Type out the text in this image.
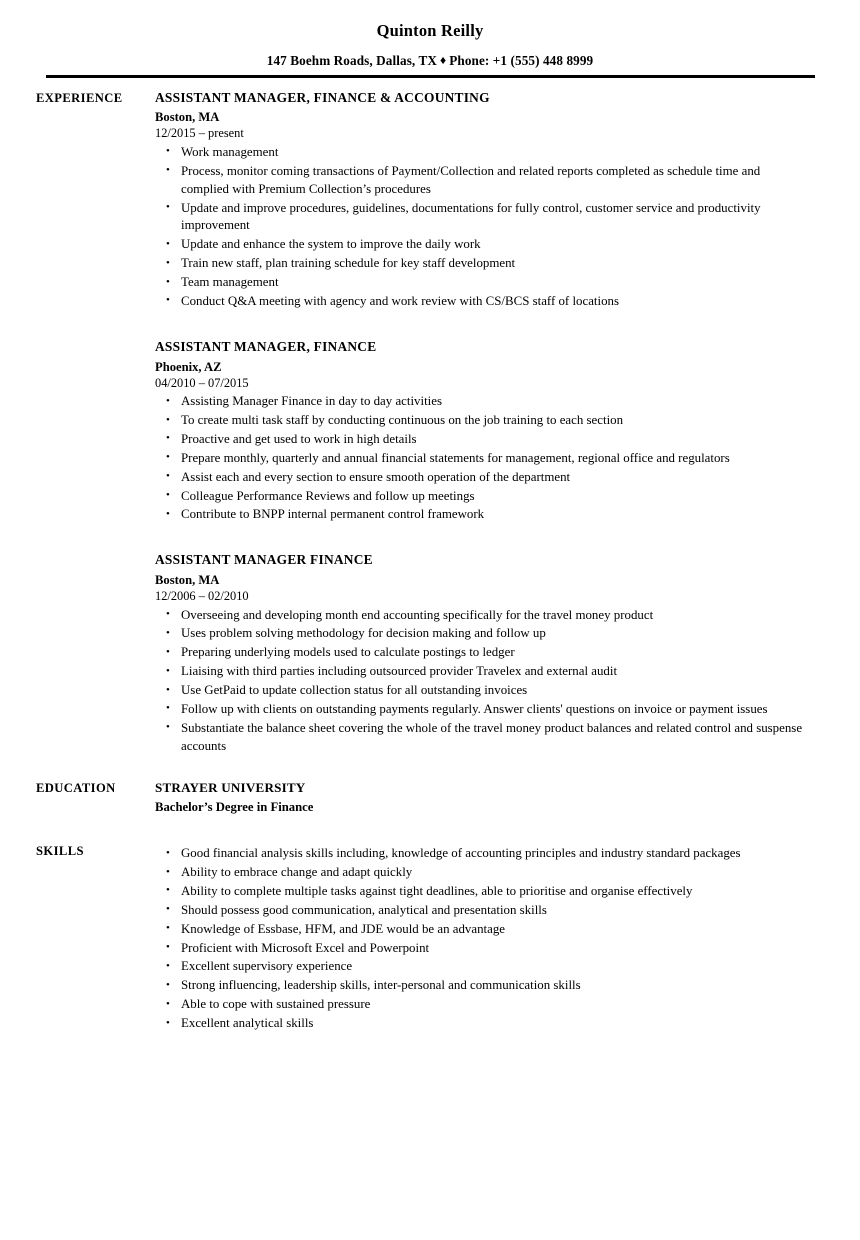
Quinton Reilly
147 Boehm Roads, Dallas, TX ♦ Phone: +1 (555) 448 8999
EXPERIENCE	ASSISTANT MANAGER, FINANCE & ACCOUNTING
Boston, MA
12/2015 – present
• Work management
• Process, monitor coming transactions of Payment/Collection and related reports completed as schedule time and complied with Premium Collection’s procedures
• Update and improve procedures, guidelines, documentations for fully control, customer service and productivity improvement
• Update and enhance the system to improve the daily work
• Train new staff, plan training schedule for key staff development
• Team management
• Conduct Q&A meeting with agency and work review with CS/BCS staff of locations
ASSISTANT MANAGER, FINANCE
Phoenix, AZ
04/2010 – 07/2015
• Assisting Manager Finance in day to day activities
• To create multi task staff by conducting continuous on the job training to each section
• Proactive and get used to work in high details
• Prepare monthly, quarterly and annual financial statements for management, regional office and regulators
• Assist each and every section to ensure smooth operation of the department
• Colleague Performance Reviews and follow up meetings
• Contribute to BNPP internal permanent control framework
ASSISTANT MANAGER FINANCE
Boston, MA
12/2006 – 02/2010
• Overseeing and developing month end accounting specifically for the travel money product
• Uses problem solving methodology for decision making and follow up
• Preparing underlying models used to calculate postings to ledger
• Liaising with third parties including outsourced provider Travelex and external audit
• Use GetPaid to update collection status for all outstanding invoices
• Follow up with clients on outstanding payments regularly. Answer clients' questions on invoice or payment issues
• Substantiate the balance sheet covering the whole of the travel money product balances and related control and suspense accounts
EDUCATION	STRAYER UNIVERSITY
Bachelor’s Degree in Finance
SKILLS	• Good financial analysis skills including, knowledge of accounting principles and industry standard packages
• Ability to embrace change and adapt quickly
• Ability to complete multiple tasks against tight deadlines, able to prioritise and organise effectively
• Should possess good communication, analytical and presentation skills
• Knowledge of Essbase, HFM, and JDE would be an advantage
• Proficient with Microsoft Excel and Powerpoint
• Excellent supervisory experience
• Strong influencing, leadership skills, inter-personal and communication skills
• Able to cope with sustained pressure
• Excellent analytical skills
